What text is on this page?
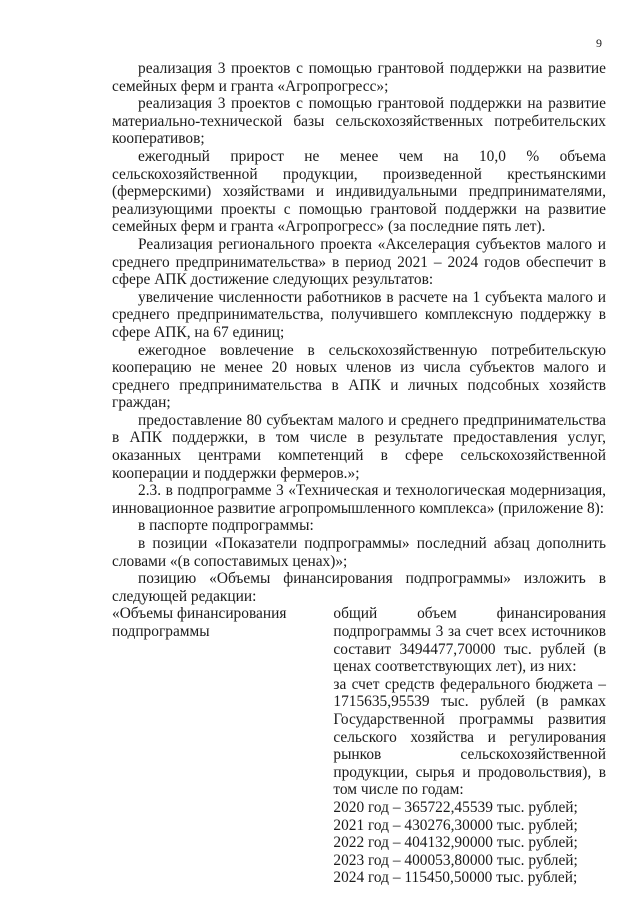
9

реализация 3 проектов с помощью грантовой поддержки на развитие семейных ферм и гранта «Агропрогресс»;

реализация 3 проектов с помощью грантовой поддержки на развитие материально-технической базы сельскохозяйственных потребительских кооперативов;

ежегодный прирост не менее чем на 10,0 % объема сельскохозяйственной продукции, произведенной крестьянскими (фермерскими) хозяйствами и индивидуальными предпринимателями, реализующими проекты с помощью грантовой поддержки на развитие семейных ферм и гранта «Агропрогресс» (за последние пять лет).

Реализация регионального проекта «Акселерация субъектов малого и среднего предпринимательства» в период 2021 – 2024 годов обеспечит в сфере АПК достижение следующих результатов:

увеличение численности работников в расчете на 1 субъекта малого и среднего предпринимательства, получившего комплексную поддержку в сфере АПК, на 67 единиц;

ежегодное вовлечение в сельскохозяйственную потребительскую кооперацию не менее 20 новых членов из числа субъектов малого и среднего предпринимательства в АПК и личных подсобных хозяйств граждан;

предоставление 80 субъектам малого и среднего предпринимательства в АПК поддержки, в том числе в результате предоставления услуг, оказанных центрами компетенций в сфере сельскохозяйственной кооперации и поддержки фермеров.»;

2.3. в подпрограмме 3 «Техническая и технологическая модернизация, инновационное развитие агропромышленного комплекса» (приложение 8):

в паспорте подпрограммы:

в позиции «Показатели подпрограммы» последний абзац дополнить словами «(в сопоставимых ценах)»;

позицию «Объемы финансирования подпрограммы» изложить в следующей редакции:

«Объемы финансирования подпрограммы

общий объем финансирования подпрограммы 3 за счет всех источников составит 3494477,70000 тыс. рублей (в ценах соответствующих лет), из них:

за счет средств федерального бюджета – 1715635,95539 тыс. рублей (в рамках Государственной программы развития сельского хозяйства и регулирования рынков сельскохозяйственной продукции, сырья и продовольствия), в том числе по годам:

2020 год – 365722,45539 тыс. рублей;

2021 год – 430276,30000 тыс. рублей;

2022 год – 404132,90000 тыс. рублей;

2023 год – 400053,80000 тыс. рублей;

2024 год – 115450,50000 тыс. рублей;
